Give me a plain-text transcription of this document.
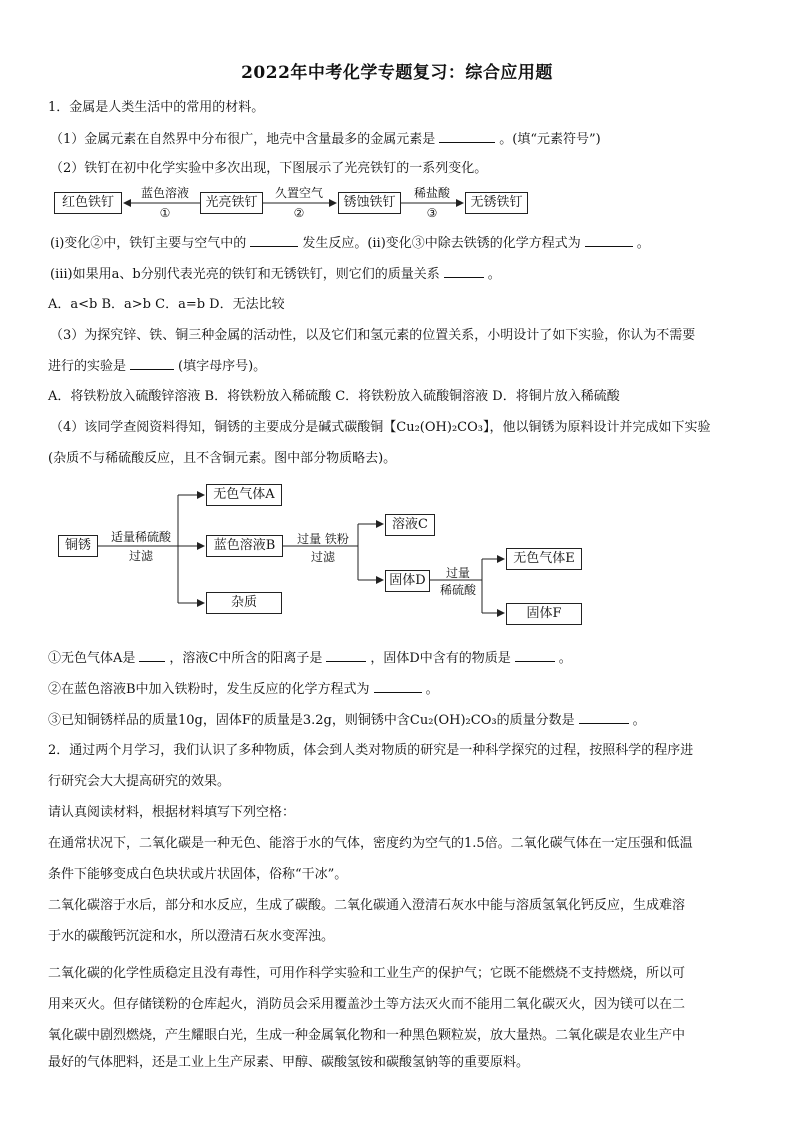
2022年中考化学专题复习：综合应用题
1．金属是人类生活中的常用的材料。
（1）金属元素在自然界中分布很广，地壳中含量最多的金属元素是	。(填“元素符号”)
（2）铁钉在初中化学实验中多次出现，下图展示了光亮铁钉的一系列变化。
红色铁钉
蓝色溶液
①
光亮铁钉
久置空气
②
锈蚀铁钉
稀盐酸
③
无锈铁钉
(ⅰ)变化②中，铁钉主要与空气中的	发生反应。(ⅱ)变化③中除去铁锈的化学方程式为	。
(ⅲ)如果用a、b分别代表光亮的铁钉和无锈铁钉，则它们的质量关系	。
A．a<b B．a>b C．a=b D．无法比较
（3）为探究锌、铁、铜三种金属的活动性，以及它们和氢元素的位置关系，小明设计了如下实验，你认为不需要
进行的实验是	(填字母序号)。
A．将铁粉放入硫酸锌溶液 B．将铁粉放入稀硫酸 C．将铁粉放入硫酸铜溶液 D．将铜片放入稀硫酸
（4）该同学查阅资料得知，铜锈的主要成分是碱式碳酸铜【Cu₂(OH)₂CO₃】，他以铜锈为原料设计并完成如下实验
(杂质不与稀硫酸反应，且不含铜元素。图中部分物质略去)。
铜锈
适量稀硫酸
过滤
无色气体A
蓝色溶液B
杂质
过量 铁粉
过滤
溶液C
固体D	过量
稀硫酸
无色气体E
固体F
①无色气体A是	，溶液C中所含的阳离子是	，固体D中含有的物质是	。
②在蓝色溶液B中加入铁粉时，发生反应的化学方程式为	。
③已知铜锈样品的质量10g，固体F的质量是3.2g，则铜锈中含Cu₂(OH)₂CO₃的质量分数是	。
2．通过两个月学习，我们认识了多种物质，体会到人类对物质的研究是一种科学探究的过程，按照科学的程序进
行研究会大大提高研究的效果。
请认真阅读材料，根据材料填写下列空格：
在通常状况下，二氧化碳是一种无色、能溶于水的气体，密度约为空气的1.5倍。二氧化碳气体在一定压强和低温
条件下能够变成白色块状或片状固体，俗称“干冰”。
二氧化碳溶于水后，部分和水反应，生成了碳酸。二氧化碳通入澄清石灰水中能与溶质氢氧化钙反应，生成难溶
于水的碳酸钙沉淀和水，所以澄清石灰水变浑浊。
二氧化碳的化学性质稳定且没有毒性，可用作科学实验和工业生产的保护气；它既不能燃烧不支持燃烧，所以可
用来灭火。但存储镁粉的仓库起火，消防员会采用覆盖沙土等方法灭火而不能用二氧化碳灭火，因为镁可以在二
氧化碳中剧烈燃烧，产生耀眼白光，生成一种金属氧化物和一种黑色颗粒炭，放大量热。二氧化碳是农业生产中
最好的气体肥料，还是工业上生产尿素、甲醇、碳酸氢铵和碳酸氢钠等的重要原料。
